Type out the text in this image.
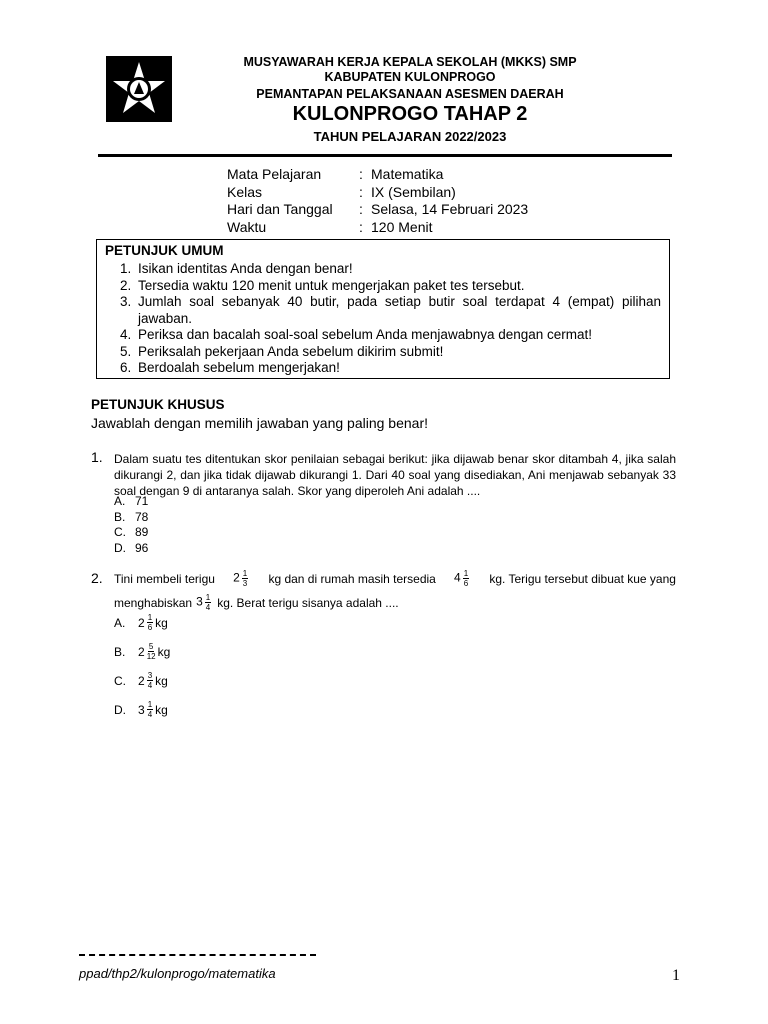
MUSYAWARAH KERJA KEPALA SEKOLAH (MKKS) SMP
KABUPATEN KULONPROGO
PEMANTAPAN PELAKSANAAN ASESMEN DAERAH
KULONPROGO TAHAP 2
TAHUN PELAJARAN 2022/2023
Mata Pelajaran	: Matematika
Kelas	: IX (Sembilan)
Hari dan Tanggal	: Selasa, 14 Februari 2023
Waktu	: 120 Menit
PETUNJUK UMUM
1. Isikan identitas Anda dengan benar!
2. Tersedia waktu 120 menit untuk mengerjakan paket tes tersebut.
3. Jumlah soal sebanyak 40 butir, pada setiap butir soal terdapat 4 (empat) pilihan jawaban.
4. Periksa dan bacalah soal-soal sebelum Anda menjawabnya dengan cermat!
5. Periksalah pekerjaan Anda sebelum dikirim submit!
6. Berdoalah sebelum mengerjakan!
PETUNJUK KHUSUS
Jawablah dengan memilih jawaban yang paling benar!
1. Dalam suatu tes ditentukan skor penilaian sebagai berikut: jika dijawab benar skor ditambah 4, jika salah dikurangi 2, dan jika tidak dijawab dikurangi 1. Dari 40 soal yang disediakan, Ani menjawab sebanyak 33 soal dengan 9 di antaranya salah. Skor yang diperoleh Ani adalah ....
A. 71
B. 78
C. 89
D. 96
2. Tini membeli terigu $2 \frac{1}{3}$ kg dan di rumah masih tersedia $4 \frac{1}{6}$ kg. Terigu tersebut dibuat kue yang
menghabiskan $3 \frac{1}{4}$ kg. Berat terigu sisanya adalah ....
A.	$2 \frac{1}{6}$ kg
B.	$2 \frac{5}{12}$ kg
C.	$2 \frac{3}{4}$ kg
D.	$3 \frac{1}{4}$ kg
ppad/thp2/kulonprogo/matematika	1
